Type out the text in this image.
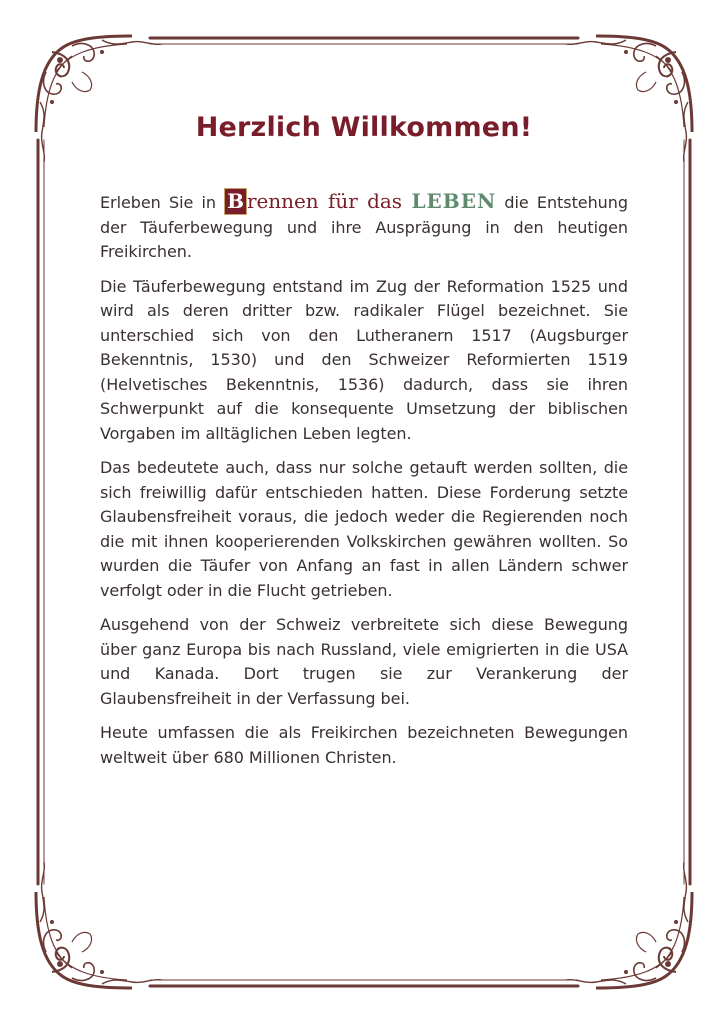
Herzlich Willkommen!

Erleben Sie in B rennen für das LEBEN die Entstehung der Täuferbewegung und ihre Ausprägung in den heutigen Freikirchen.

Die Täuferbewegung entstand im Zug der Reformation 1525 und wird als deren dritter bzw. radikaler Flügel bezeichnet. Sie unterschied sich von den Lutheranern 1517 (Augsburger Bekenntnis, 1530) und den Schweizer Reformierten 1519 (Helvetisches Bekenntnis, 1536) dadurch, dass sie ihren Schwerpunkt auf die konsequente Umsetzung der biblischen Vorgaben im alltäglichen Leben legten.

Das bedeutete auch, dass nur solche getauft werden sollten, die sich freiwillig dafür entschieden hatten. Diese Forderung setzte Glaubensfreiheit voraus, die jedoch weder die Regierenden noch die mit ihnen kooperierenden Volkskirchen gewähren wollten. So wurden die Täufer von Anfang an fast in allen Ländern schwer verfolgt oder in die Flucht getrieben.

Ausgehend von der Schweiz verbreitete sich diese Bewegung über ganz Europa bis nach Russland, viele emigrierten in die USA und Kanada. Dort trugen sie zur Verankerung der Glaubensfreiheit in der Verfassung bei.

Heute umfassen die als Freikirchen bezeichneten Bewegungen weltweit über 680 Millionen Christen.
